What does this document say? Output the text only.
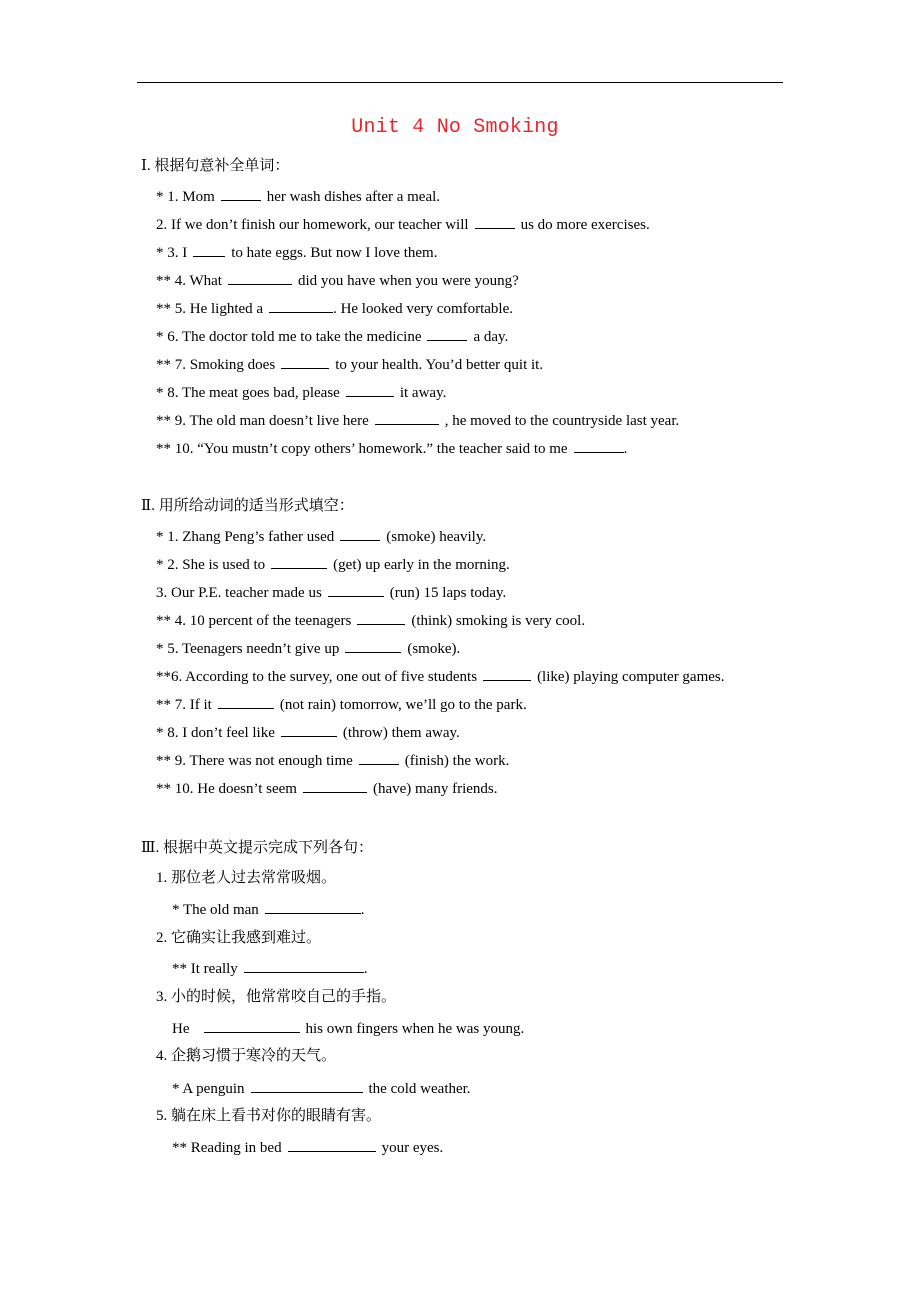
Unit 4 No Smoking
Ⅰ. 根据句意补全单词：
* 1. Mom	her wash dishes after a meal.
2. If we don’t finish our homework, our teacher will	us do more exercises.
* 3. I	to hate eggs. But now I love them.
** 4. What	did you have when you were young?
** 5. He lighted a	. He looked very comfortable.
* 6. The doctor told me to take the medicine	a day.
** 7. Smoking does	to your health. You’d better quit it.
* 8. The meat goes bad, please	it away.
** 9. The old man doesn’t live here	, he moved to the countryside last year.
** 10. “You mustn’t copy others’ homework.” the teacher said to me	.
Ⅱ. 用所给动词的适当形式填空：
* 1. Zhang Peng’s father used	(smoke) heavily.
* 2. She is used to	(get) up early in the morning.
3. Our P.E. teacher made us	(run) 15 laps today.
** 4. 10 percent of the teenagers	(think) smoking is very cool.
* 5. Teenagers needn’t give up	(smoke).
**6. According to the survey, one out of five students	(like) playing computer games.
** 7. If it	(not rain) tomorrow, we’ll go to the park.
* 8. I don’t feel like	(throw) them away.
** 9. There was not enough time	(finish) the work.
** 10. He doesn’t seem	(have) many friends.
Ⅲ. 根据中英文提示完成下列各句：
1. 那位老人过去常常吸烟。
* The old man	.
2. 它确实让我感到难过。
** It really	.
3. 小的时候，他常常咬自己的手指。
He	his own fingers when he was young.
4. 企鹅习惯于寒冷的天气。
* A penguin	the cold weather.
5. 躺在床上看书对你的眼睛有害。
** Reading in bed	your eyes.
